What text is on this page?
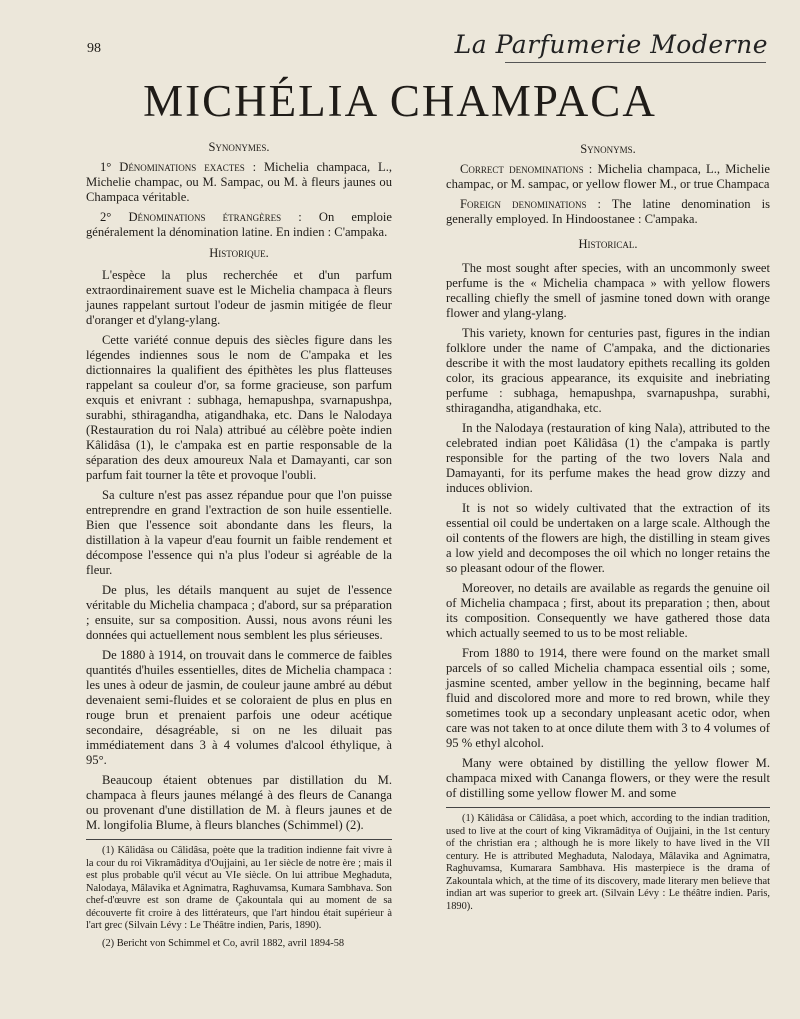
98	La Parfumerie Moderne
MICHÉLIA CHAMPACA
Synonymes.

1° Dénominations exactes : Michelia champaca, L., Michelie champac, ou M. Sampac, ou M. à fleurs jaunes ou Champaca véritable.

2° Dénominations étrangères : On emploie généralement la dénomination latine. En indien : C'ampaka.

Historique.

L'espèce la plus recherchée et d'un parfum extraordinairement suave est le Michelia champaca à fleurs jaunes rappelant surtout l'odeur de jasmin mitigée de fleur d'oranger et d'ylang-ylang.

Cette variété connue depuis des siècles figure dans les légendes indiennes sous le nom de C'ampaka et les dictionnaires la qualifient des épithètes les plus flatteuses rappelant sa couleur d'or, sa forme gracieuse, son parfum exquis et enivrant : subhaga, hemapushpa, svarnapushpa, surabhi, sthiragandha, atigandhaka, etc. Dans le Nalodaya (Restauration du roi Nala) attribué au célèbre poète indien Kâlidâsa (1), le c'ampaka est en partie responsable de la séparation des deux amoureux Nala et Damayanti, car son parfum fait tourner la tête et provoque l'oubli.

Sa culture n'est pas assez répandue pour que l'on puisse entreprendre en grand l'extraction de son huile essentielle. Bien que l'essence soit abondante dans les fleurs, la distillation à la vapeur d'eau fournit un faible rendement et décompose l'essence qui n'a plus l'odeur si agréable de la fleur.

De plus, les détails manquent au sujet de l'essence véritable du Michelia champaca ; d'abord, sur sa préparation ; ensuite, sur sa composition. Aussi, nous avons réuni les données qui actuellement nous semblent les plus sérieuses.

De 1880 à 1914, on trouvait dans le commerce de faibles quantités d'huiles essentielles, dites de Michelia champaca : les unes à odeur de jasmin, de couleur jaune ambré au début devenaient semi-fluides et se coloraient de plus en plus en rouge brun et prenaient parfois une odeur acétique secondaire, désagréable, si on ne les diluait pas immédiatement dans 3 à 4 volumes d'alcool éthylique, à 95°.

Beaucoup étaient obtenues par distillation du M. champaca à fleurs jaunes mélangé à des fleurs de Cananga ou provenant d'une distillation de M. à fleurs jaunes et de M. longifolia Blume, à fleurs blanches (Schimmel) (2).

(1) Kâlidâsa ou Câlidâsa, poète que la tradition indienne fait vivre à la cour du roi Vikramâditya d'Oujjaini, au 1er siècle de notre ère ; mais il est plus probable qu'il vécut au VIe siècle. On lui attribue Meghaduta, Nalodaya, Mâlavika et Agnimatra, Raghuvamsa, Kumara Sambhava. Son chef-d'œuvre est son drame de Çakountala qui au moment de sa découverte fit croire à des littérateurs, que l'art hindou était supérieur à l'art grec (Silvain Lévy : Le Théâtre indien, Paris, 1890).

(2) Bericht von Schimmel et Co, avril 1882, avril 1894-58

Synonyms.

Correct denominations : Michelia champaca, L., Michelie champac, or M. sampac, or yellow flower M., or true Champaca

Foreign denominations : The latine denomination is generally employed. In Hindoostanee : C'ampaka.

Historical.

The most sought after species, with an uncommonly sweet perfume is the « Michelia champaca » with yellow flowers recalling chiefly the smell of jasmine toned down with orange flower and ylang-ylang.

This variety, known for centuries past, figures in the indian folklore under the name of C'ampaka, and the dictionaries describe it with the most laudatory epithets recalling its golden color, its gracious appearance, its exquisite and inebriating perfume : subhaga, hemapushpa, svarnapushpa, surabhi, sthiragandha, atigandhaka, etc.

In the Nalodaya (restauration of king Nala), attributed to the celebrated indian poet Kâlidâsa (1) the c'ampaka is partly responsible for the parting of the two lovers Nala and Damayanti, for its perfume makes the head grow dizzy and induces oblivion.

It is not so widely cultivated that the extraction of its essential oil could be undertaken on a large scale. Although the oil contents of the flowers are high, the distilling in steam gives a low yield and decomposes the oil which no longer retains the so pleasant odour of the flower.

Moreover, no details are available as regards the genuine oil of Michelia champaca ; first, about its preparation ; then, about its composition. Consequently we have gathered those data which actually seemed to us to be most reliable.

From 1880 to 1914, there were found on the market small parcels of so called Michelia champaca essential oils ; some, jasmine scented, amber yellow in the beginning, became half fluid and discolored more and more to red brown, while they sometimes took up a secondary unpleasant acetic odor, when care was not taken to at once dilute them with 3 to 4 volumes of 95 % ethyl alcohol.

Many were obtained by distilling the yellow flower M. champaca mixed with Cananga flowers, or they were the result of distilling some yellow flower M. and some

(1) Kâlidâsa or Câlidâsa, a poet which, according to the indian tradition, used to live at the court of king Vikramâditya of Oujjaini, in the 1st century of the christian era ; although he is more likely to have lived in the VII century. He is attributed Meghaduta, Nalodaya, Mâlavika and Agnimatra, Raghuvamsa, Kumarara Sambhava. His masterpiece is the drama of Zakountala which, at the time of its discovery, made literary men believe that indian art was superior to greek art. (Silvain Lévy : Le théâtre indien. Paris, 1890).
